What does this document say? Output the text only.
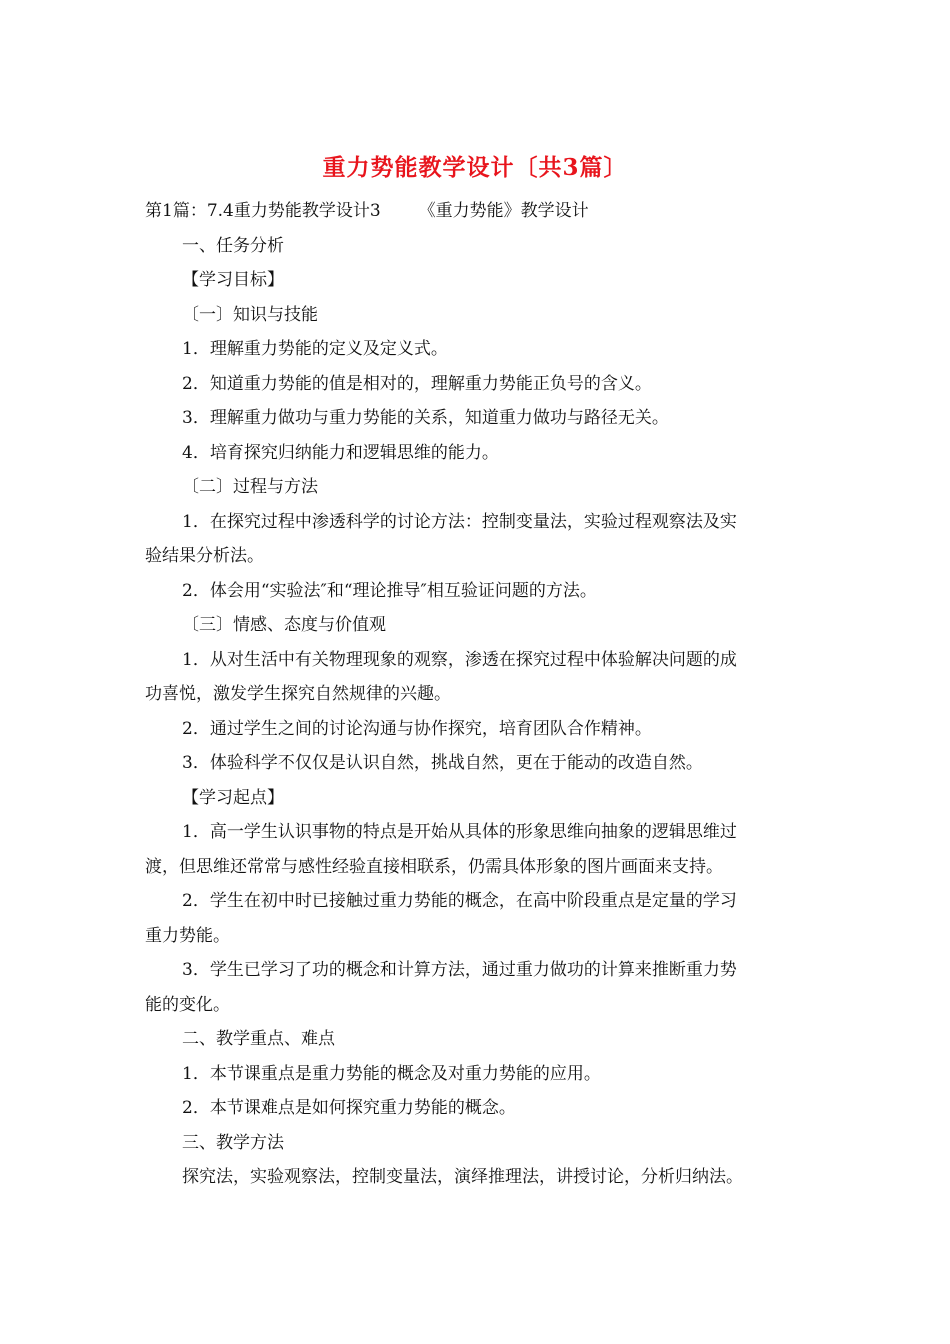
重力势能教学设计〔共3篇〕

第1篇：7.4重力势能教学设计3 《重力势能》教学设计

一、任务分析

【学习目标】

〔一〕知识与技能

1．理解重力势能的定义及定义式。

2．知道重力势能的值是相对的，理解重力势能正负号的含义。

3．理解重力做功与重力势能的关系，知道重力做功与路径无关。

4．培育探究归纳能力和逻辑思维的能力。

〔二〕过程与方法

1．在探究过程中渗透科学的讨论方法：控制变量法，实验过程观察法及实

验结果分析法。

2．体会用“实验法″和“理论推导″相互验证问题的方法。

〔三〕情感、态度与价值观

1．从对生活中有关物理现象的观察，渗透在探究过程中体验解决问题的成

功喜悦，激发学生探究自然规律的兴趣。

2．通过学生之间的讨论沟通与协作探究，培育团队合作精神。

3．体验科学不仅仅是认识自然，挑战自然，更在于能动的改造自然。

【学习起点】

1．高一学生认识事物的特点是开始从具体的形象思维向抽象的逻辑思维过

渡，但思维还常常与感性经验直接相联系，仍需具体形象的图片画面来支持。

2．学生在初中时已接触过重力势能的概念，在高中阶段重点是定量的学习

重力势能。

3．学生已学习了功的概念和计算方法，通过重力做功的计算来推断重力势

能的变化。

二、教学重点、难点

1．本节课重点是重力势能的概念及对重力势能的应用。

2．本节课难点是如何探究重力势能的概念。

三、教学方法

探究法，实验观察法，控制变量法，演绎推理法，讲授讨论，分析归纳法。
